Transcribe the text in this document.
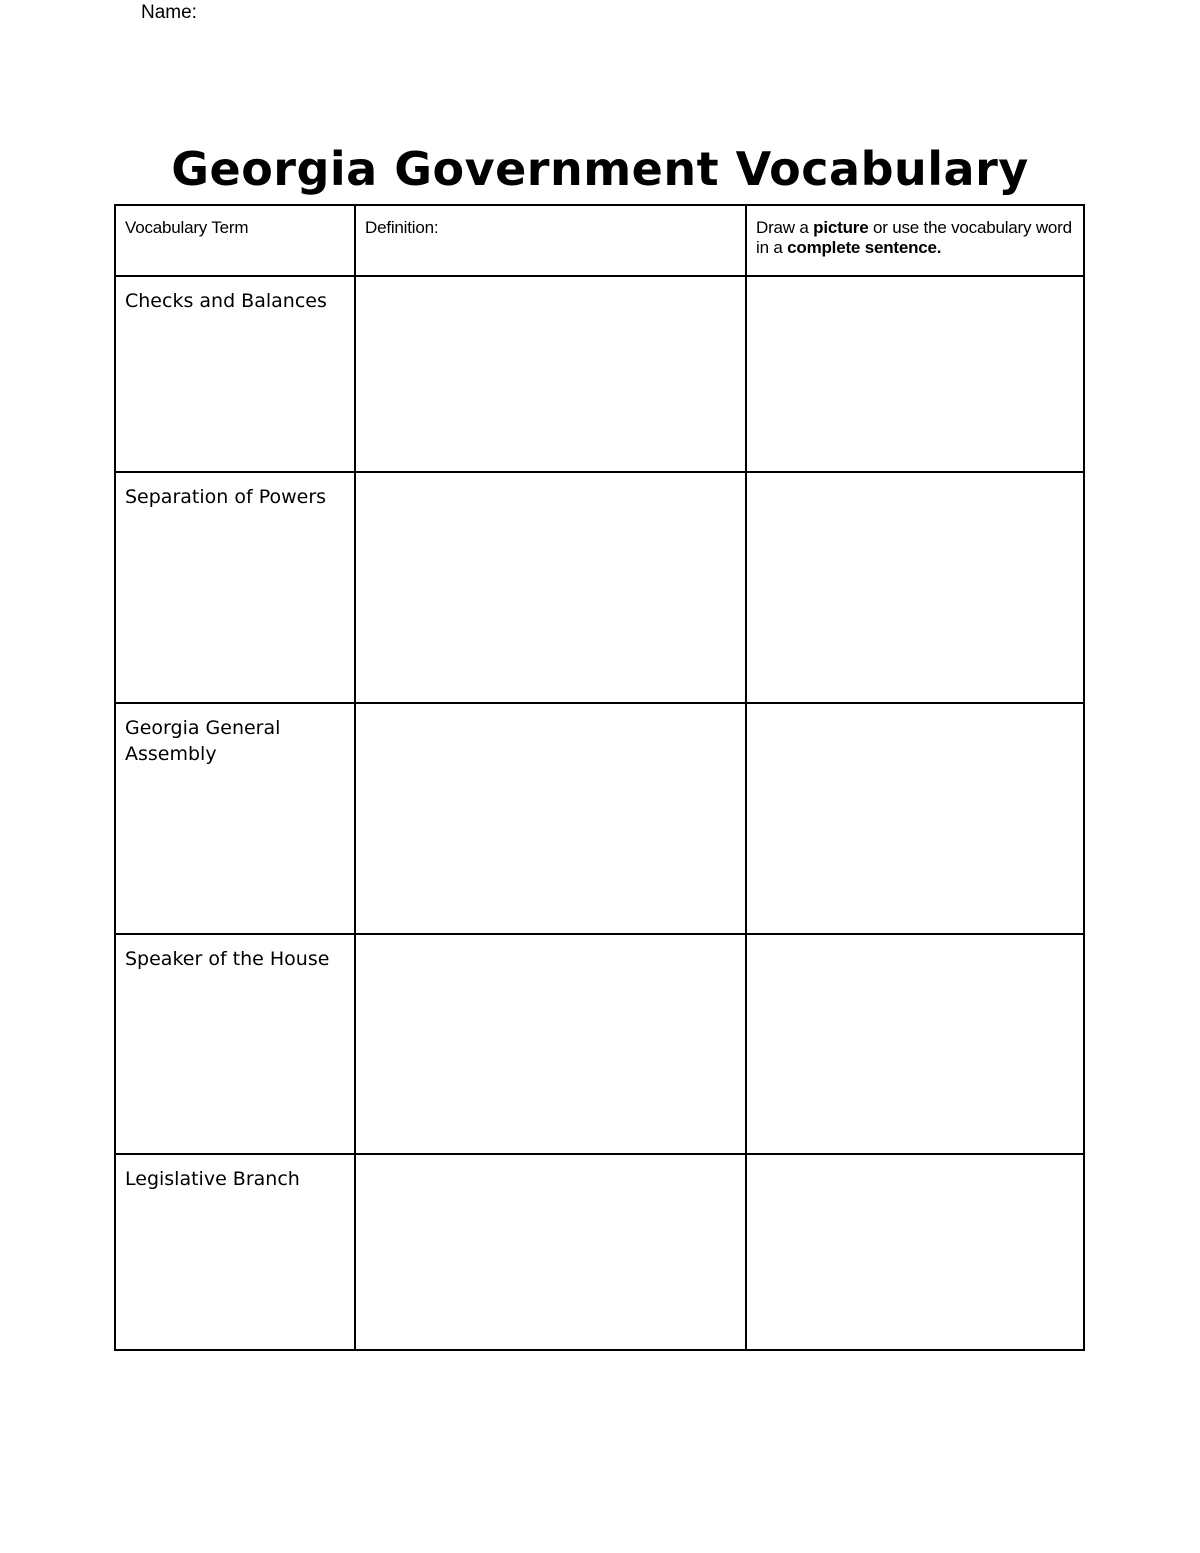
Name:
Georgia Government Vocabulary
Vocabulary Term	Definition:	Draw a picture or use the vocabulary word in a complete sentence.
Checks and Balances		
Separation of Powers		
Georgia General Assembly		
Speaker of the House		
Legislative Branch		
